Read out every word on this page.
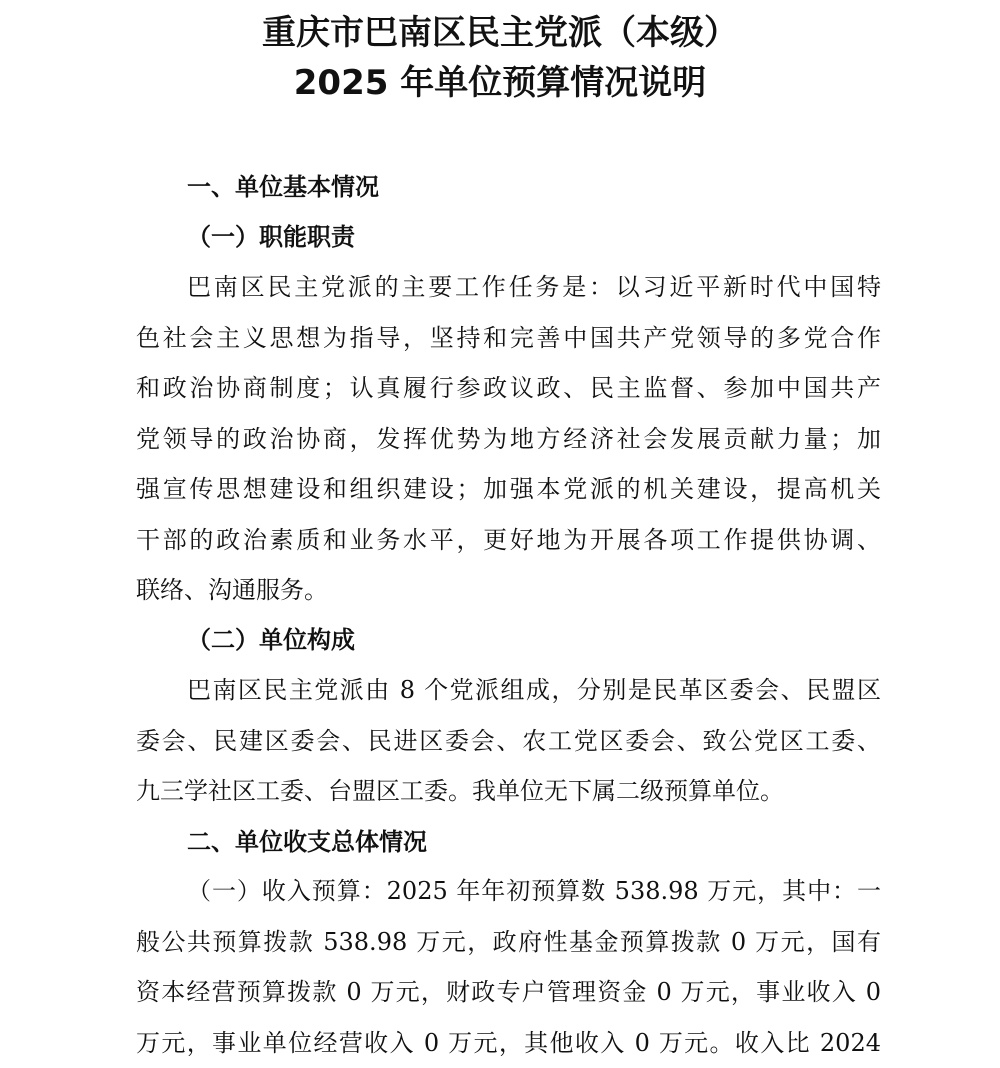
重庆市巴南区民主党派（本级）
2025 年单位预算情况说明
一、单位基本情况
（一）职能职责
巴南区民主党派的主要工作任务是：以习近平新时代中国特
色社会主义思想为指导，坚持和完善中国共产党领导的多党合作
和政治协商制度；认真履行参政议政、民主监督、参加中国共产
党领导的政治协商，发挥优势为地方经济社会发展贡献力量；加
强宣传思想建设和组织建设；加强本党派的机关建设，提高机关
干部的政治素质和业务水平，更好地为开展各项工作提供协调、
联络、沟通服务。
（二）单位构成
巴南区民主党派由 8 个党派组成，分别是民革区委会、民盟区
委会、民建区委会、民进区委会、农工党区委会、致公党区工委、
九三学社区工委、台盟区工委。我单位无下属二级预算单位。
二、单位收支总体情况
（一）收入预算：2025 年年初预算数 538.98 万元，其中：一
般公共预算拨款 538.98 万元，政府性基金预算拨款 0 万元，国有
资本经营预算拨款 0 万元，财政专户管理资金 0 万元，事业收入 0
万元，事业单位经营收入 0 万元，其他收入 0 万元。收入比 2024
